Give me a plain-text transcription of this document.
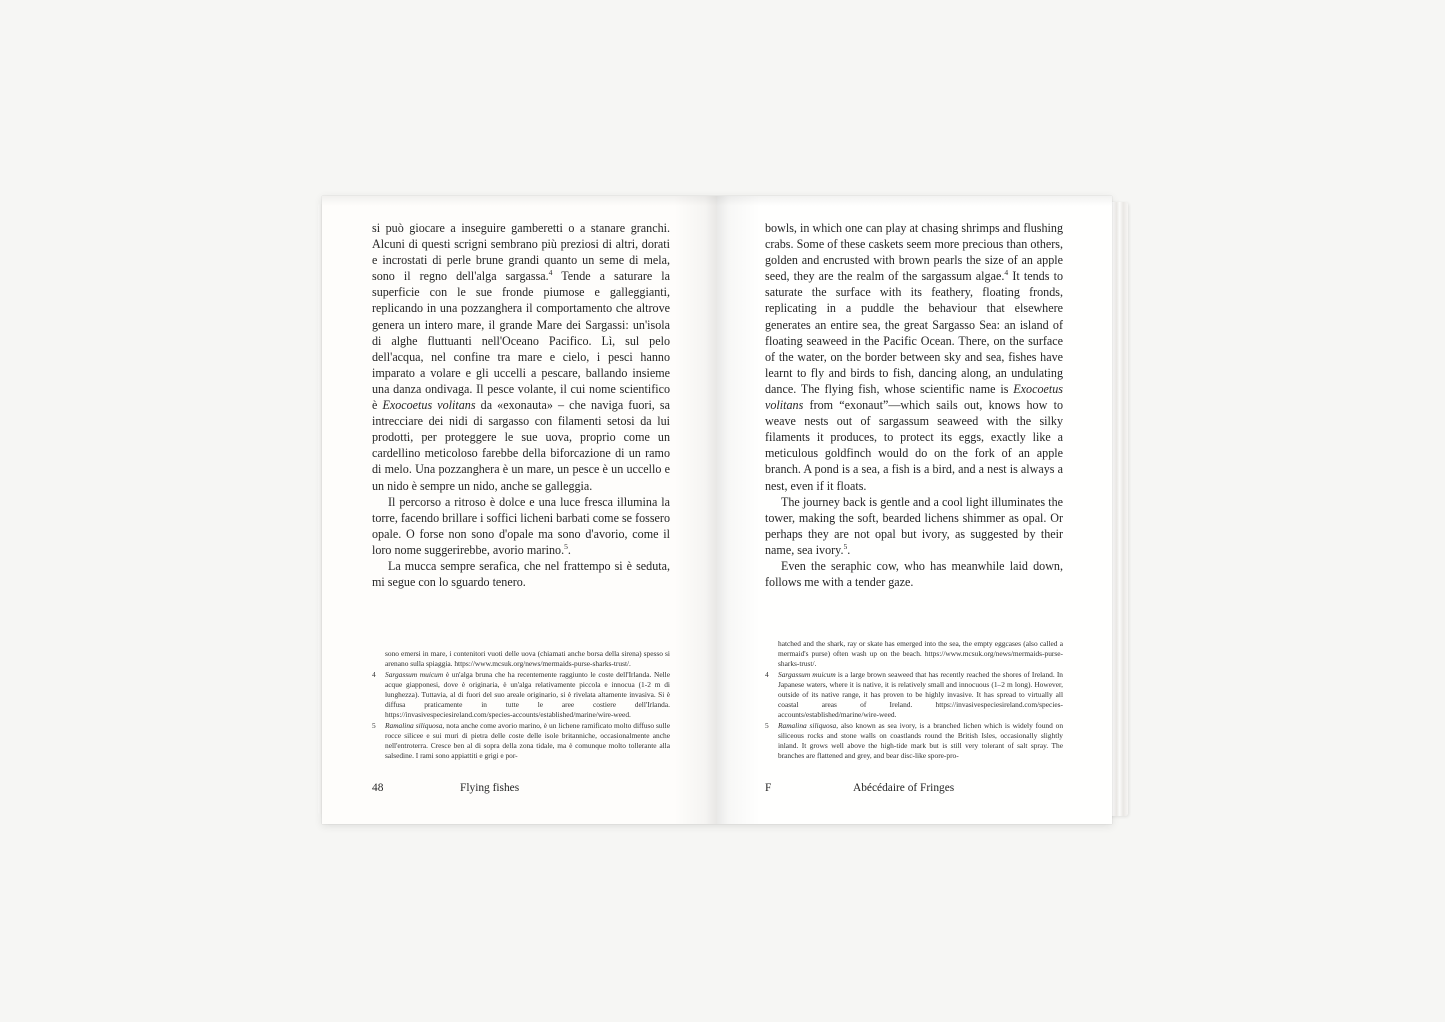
si può giocare a inseguire gamberetti o a stanare granchi. Alcuni di questi scrigni sembrano più preziosi di altri, dorati e incrostati di perle brune grandi quanto un seme di mela, sono il regno dell'alga sargassa.$^4$ Tende a saturare la superficie con le sue fronde piumose e galleggianti, replicando in una pozzanghera il comportamento che altrove genera un intero mare, il grande Mare dei Sargassi: un'isola di alghe fluttuanti nell'Oceano Pacifico. Lì, sul pelo dell'acqua, nel confine tra mare e cielo, i pesci hanno imparato a volare e gli uccelli a pescare, ballando insieme una danza ondivaga. Il pesce volante, il cui nome scientifico è Exocoetus volitans da «exonauta» – che naviga fuori, sa intrecciare dei nidi di sargasso con filamenti setosi da lui prodotti, per proteggere le sue uova, proprio come un cardellino meticoloso farebbe della biforcazione di un ramo di melo. Una pozzanghera è un mare, un pesce è un uccello e un nido è sempre un nido, anche se galleggia.

Il percorso a ritroso è dolce e una luce fresca illumina la torre, facendo brillare i soffici licheni barbati come se fossero opale. O forse non sono d'opale ma sono d'avorio, come il loro nome suggerirebbe, avorio marino.$^5$.

La mucca sempre serafica, che nel frattempo si è seduta, mi segue con lo sguardo tenero.

sono emersi in mare, i contenitori vuoti delle uova (chiamati anche borsa della sirena) spesso si arenano sulla spiaggia. https://www.mcsuk.org/news/mermaids-purse-sharks-trust/.
4	Sargassum muicum è un'alga bruna che ha recentemente raggiunto le coste dell'Irlanda. Nelle acque giapponesi, dove è originaria, è un'alga relativamente piccola e innocua (1-2 m di lunghezza). Tuttavia, al di fuori del suo areale originario, si è rivelata altamente invasiva. Si è diffusa praticamente in tutte le aree costiere dell'Irlanda. https://invasivespeciesireland.com/species-accounts/established/marine/wire-weed.
5	Ramalina siliquosa, nota anche come avorio marino, è un lichene ramificato molto diffuso sulle rocce silicee e sui muri di pietra delle coste delle isole britanniche, occasionalmente anche nell'entroterra. Cresce ben al di sopra della zona tidale, ma è comunque molto tollerante alla salsedine. I rami sono appiattiti e grigi e por-
48	Flying fishes

bowls, in which one can play at chasing shrimps and flushing crabs. Some of these caskets seem more precious than others, golden and encrusted with brown pearls the size of an apple seed, they are the realm of the sargassum algae.$^4$ It tends to saturate the surface with its feathery, floating fronds, replicating in a puddle the behaviour that elsewhere generates an entire sea, the great Sargasso Sea: an island of floating seaweed in the Pacific Ocean. There, on the surface of the water, on the border between sky and sea, fishes have learnt to fly and birds to fish, dancing along, an undulating dance. The flying fish, whose scientific name is Exocoetus volitans from “exonaut”—which sails out, knows how to weave nests out of sargassum seaweed with the silky filaments it produces, to protect its eggs, exactly like a meticulous goldfinch would do on the fork of an apple branch. A pond is a sea, a fish is a bird, and a nest is always a nest, even if it floats.

The journey back is gentle and a cool light illuminates the tower, making the soft, bearded lichens shimmer as opal. Or perhaps they are not opal but ivory, as suggested by their name, sea ivory.$^5$.

Even the seraphic cow, who has meanwhile laid down, follows me with a tender gaze.

hatched and the shark, ray or skate has emerged into the sea, the empty eggcases (also called a mermaid's purse) often wash up on the beach. https://www.mcsuk.org/news/mermaids-purse-sharks-trust/.
4	Sargassum muicum is a large brown seaweed that has recently reached the shores of Ireland. In Japanese waters, where it is native, it is relatively small and innocuous (1–2 m long). However, outside of its native range, it has proven to be highly invasive. It has spread to virtually all coastal areas of Ireland. https://invasivespeciesireland.com/species-accounts/established/marine/wire-weed.
5	Ramalina siliquosa, also known as sea ivory, is a branched lichen which is widely found on siliceous rocks and stone walls on coastlands round the British Isles, occasionally slightly inland. It grows well above the high-tide mark but is still very tolerant of salt spray. The branches are flattened and grey, and bear disc-like spore-pro-
F	Abécédaire of Fringes
